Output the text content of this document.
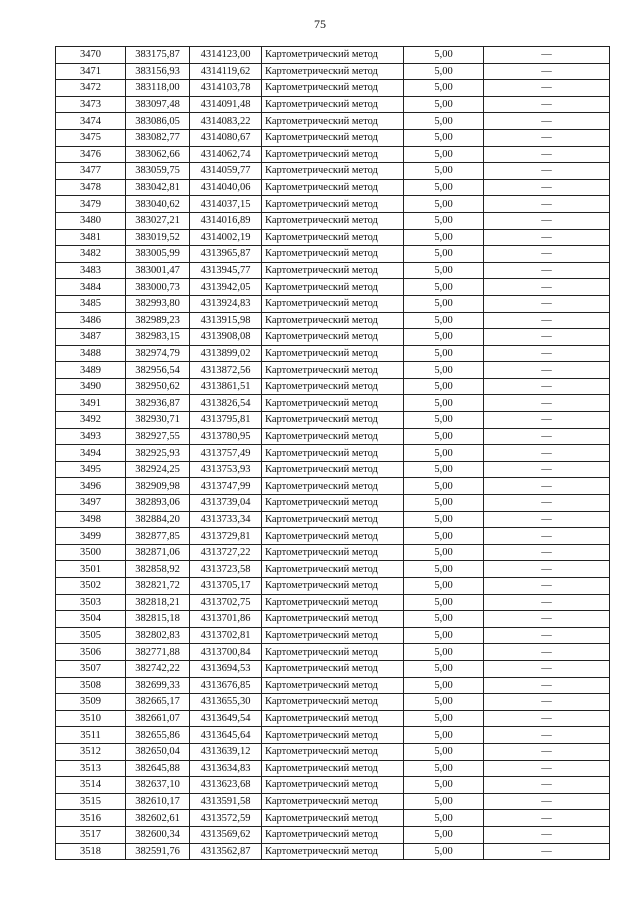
75
3470	383175,87	4314123,00	Картометрический метод	5,00	—
3471	383156,93	4314119,62	Картометрический метод	5,00	—
3472	383118,00	4314103,78	Картометрический метод	5,00	—
3473	383097,48	4314091,48	Картометрический метод	5,00	—
3474	383086,05	4314083,22	Картометрический метод	5,00	—
3475	383082,77	4314080,67	Картометрический метод	5,00	—
3476	383062,66	4314062,74	Картометрический метод	5,00	—
3477	383059,75	4314059,77	Картометрический метод	5,00	—
3478	383042,81	4314040,06	Картометрический метод	5,00	—
3479	383040,62	4314037,15	Картометрический метод	5,00	—
3480	383027,21	4314016,89	Картометрический метод	5,00	—
3481	383019,52	4314002,19	Картометрический метод	5,00	—
3482	383005,99	4313965,87	Картометрический метод	5,00	—
3483	383001,47	4313945,77	Картометрический метод	5,00	—
3484	383000,73	4313942,05	Картометрический метод	5,00	—
3485	382993,80	4313924,83	Картометрический метод	5,00	—
3486	382989,23	4313915,98	Картометрический метод	5,00	—
3487	382983,15	4313908,08	Картометрический метод	5,00	—
3488	382974,79	4313899,02	Картометрический метод	5,00	—
3489	382956,54	4313872,56	Картометрический метод	5,00	—
3490	382950,62	4313861,51	Картометрический метод	5,00	—
3491	382936,87	4313826,54	Картометрический метод	5,00	—
3492	382930,71	4313795,81	Картометрический метод	5,00	—
3493	382927,55	4313780,95	Картометрический метод	5,00	—
3494	382925,93	4313757,49	Картометрический метод	5,00	—
3495	382924,25	4313753,93	Картометрический метод	5,00	—
3496	382909,98	4313747,99	Картометрический метод	5,00	—
3497	382893,06	4313739,04	Картометрический метод	5,00	—
3498	382884,20	4313733,34	Картометрический метод	5,00	—
3499	382877,85	4313729,81	Картометрический метод	5,00	—
3500	382871,06	4313727,22	Картометрический метод	5,00	—
3501	382858,92	4313723,58	Картометрический метод	5,00	—
3502	382821,72	4313705,17	Картометрический метод	5,00	—
3503	382818,21	4313702,75	Картометрический метод	5,00	—
3504	382815,18	4313701,86	Картометрический метод	5,00	—
3505	382802,83	4313702,81	Картометрический метод	5,00	—
3506	382771,88	4313700,84	Картометрический метод	5,00	—
3507	382742,22	4313694,53	Картометрический метод	5,00	—
3508	382699,33	4313676,85	Картометрический метод	5,00	—
3509	382665,17	4313655,30	Картометрический метод	5,00	—
3510	382661,07	4313649,54	Картометрический метод	5,00	—
3511	382655,86	4313645,64	Картометрический метод	5,00	—
3512	382650,04	4313639,12	Картометрический метод	5,00	—
3513	382645,88	4313634,83	Картометрический метод	5,00	—
3514	382637,10	4313623,68	Картометрический метод	5,00	—
3515	382610,17	4313591,58	Картометрический метод	5,00	—
3516	382602,61	4313572,59	Картометрический метод	5,00	—
3517	382600,34	4313569,62	Картометрический метод	5,00	—
3518	382591,76	4313562,87	Картометрический метод	5,00	—
